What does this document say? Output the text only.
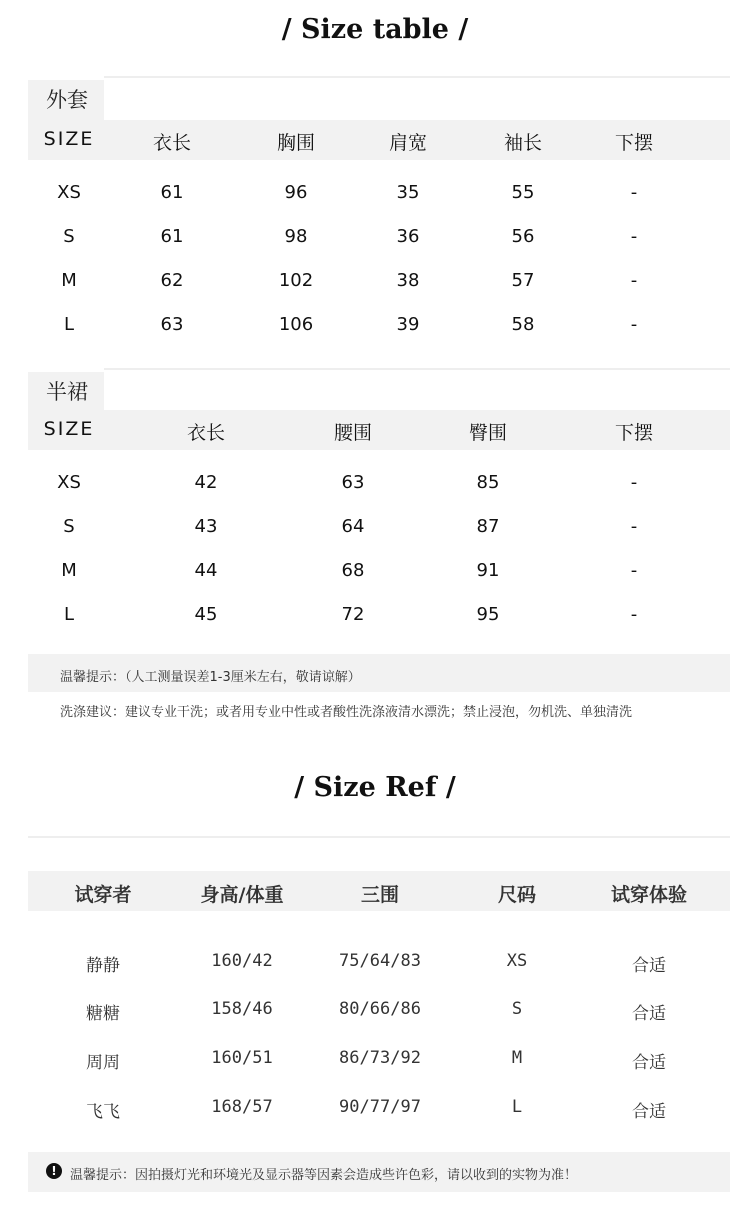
/ Size table /
外套
SIZE	衣长	胸围	肩宽	袖长	下摆
XS	61	96	35	55	-
S	61	98	36	56	-
M	62	102	38	57	-
L	63	106	39	58	-
半裙
SIZE	衣长	腰围	臀围	下摆
XS	42	63	85	-
S	43	64	87	-
M	44	68	91	-
L	45	72	95	-
温馨提示：（人工测量误差1-3厘米左右，敬请谅解）
洗涤建议：建议专业干洗；或者用专业中性或者酸性洗涤液清水漂洗；禁止浸泡，勿机洗、单独清洗
/ Size Ref /
试穿者	身高/体重	三围	尺码	试穿体验
静静	160/42	75/64/83	XS	合适
糖糖	158/46	80/66/86	S	合适
周周	160/51	86/73/92	M	合适
飞飞	168/57	90/77/97	L	合适
!	温馨提示：因拍摄灯光和环境光及显示器等因素会造成些许色彩，请以收到的实物为准！
